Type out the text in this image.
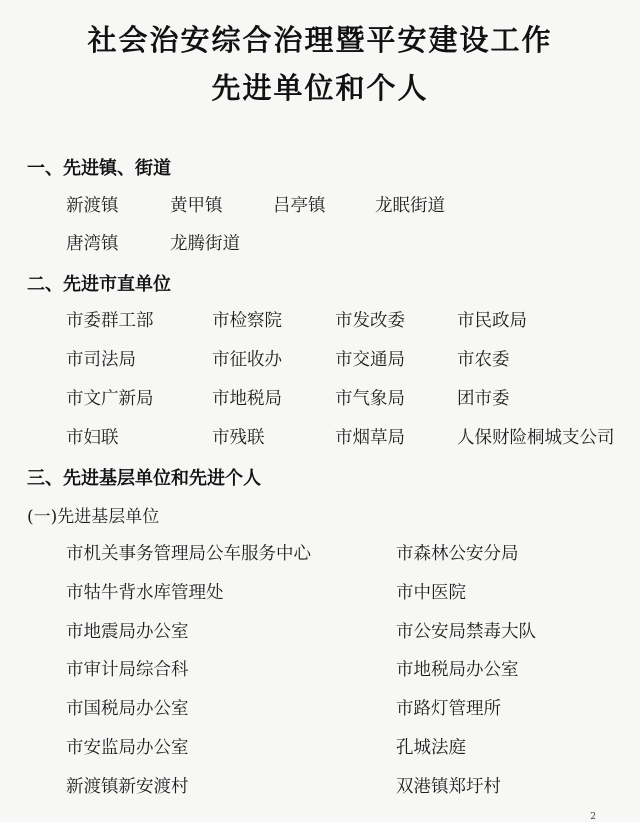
社会治安综合治理暨平安建设工作
先进单位和个人
一、先进镇、街道
新渡镇	黄甲镇	吕亭镇	龙眠街道
唐湾镇	龙腾街道
二、先进市直单位
市委群工部	市检察院	市发改委	市民政局
市司法局	市征收办	市交通局	市农委
市文广新局	市地税局	市气象局	团市委
市妇联	市残联	市烟草局	人保财险桐城支公司
三、先进基层单位和先进个人
(一)先进基层单位
市机关事务管理局公车服务中心	市森林公安分局
市牯牛背水库管理处	市中医院
市地震局办公室	市公安局禁毒大队
市审计局综合科	市地税局办公室
市国税局办公室	市路灯管理所
市安监局办公室	孔城法庭
新渡镇新安渡村	双港镇郑圩村
2
